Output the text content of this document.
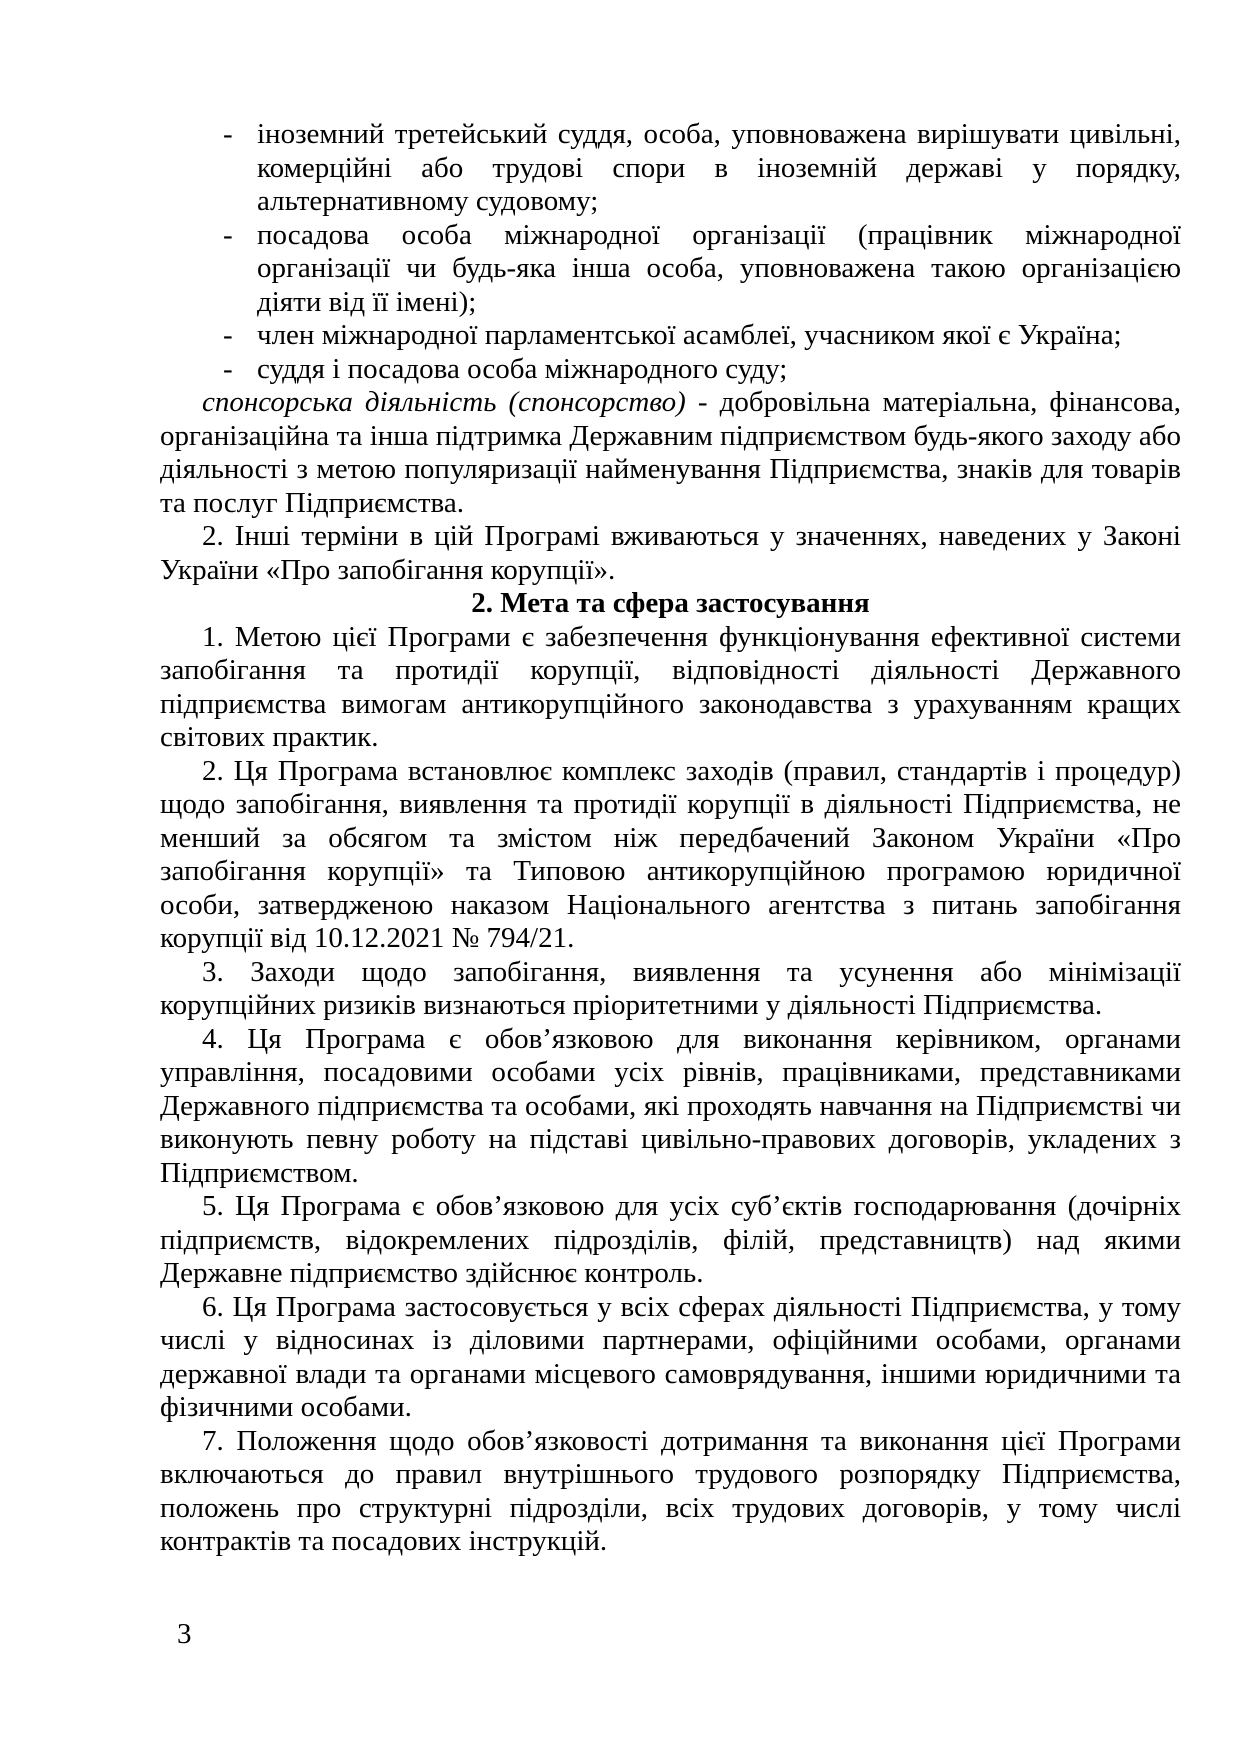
- іноземний третейський суддя, особа, уповноважена вирішувати цивільні, комерційні або трудові спори в іноземній державі у порядку, альтернативному судовому;
- посадова особа міжнародної організації (працівник міжнародної організації чи будь-яка інша особа, уповноважена такою організацією діяти від її імені);
- член міжнародної парламентської асамблеї, учасником якої є Україна;
- суддя і посадова особа міжнародного суду;

спонсорська діяльність (спонсорство) - добровільна матеріальна, фінансова, організаційна та інша підтримка Державним підприємством будь-якого заходу або діяльності з метою популяризації найменування Підприємства, знаків для товарів та послуг Підприємства.

2. Інші терміни в цій Програмі вживаються у значеннях, наведених у Законі України «Про запобігання корупції».

2. Мета та сфера застосування

1. Метою цієї Програми є забезпечення функціонування ефективної системи запобігання та протидії корупції, відповідності діяльності Державного підприємства вимогам антикорупційного законодавства з урахуванням кращих світових практик.

2. Ця Програма встановлює комплекс заходів (правил, стандартів і процедур) щодо запобігання, виявлення та протидії корупції в діяльності Підприємства, не менший за обсягом та змістом ніж передбачений Законом України «Про запобігання корупції» та Типовою антикорупційною програмою юридичної особи, затвердженою наказом Національного агентства з питань запобігання корупції від 10.12.2021 № 794/21.

3. Заходи щодо запобігання, виявлення та усунення або мінімізації корупційних ризиків визнаються пріоритетними у діяльності Підприємства.

4. Ця Програма є обов’язковою для виконання керівником, органами управління, посадовими особами усіх рівнів, працівниками, представниками Державного підприємства та особами, які проходять навчання на Підприємстві чи виконують певну роботу на підставі цивільно-правових договорів, укладених з Підприємством.

5. Ця Програма є обов’язковою для усіх суб’єктів господарювання (дочірніх підприємств, відокремлених підрозділів, філій, представництв) над якими Державне підприємство здійснює контроль.

6. Ця Програма застосовується у всіх сферах діяльності Підприємства, у тому числі у відносинах із діловими партнерами, офіційними особами, органами державної влади та органами місцевого самоврядування, іншими юридичними та фізичними особами.

7. Положення щодо обов’язковості дотримання та виконання цієї Програми включаються до правил внутрішнього трудового розпорядку Підприємства, положень про структурні підрозділи, всіх трудових договорів, у тому числі контрактів та посадових інструкцій.

3
